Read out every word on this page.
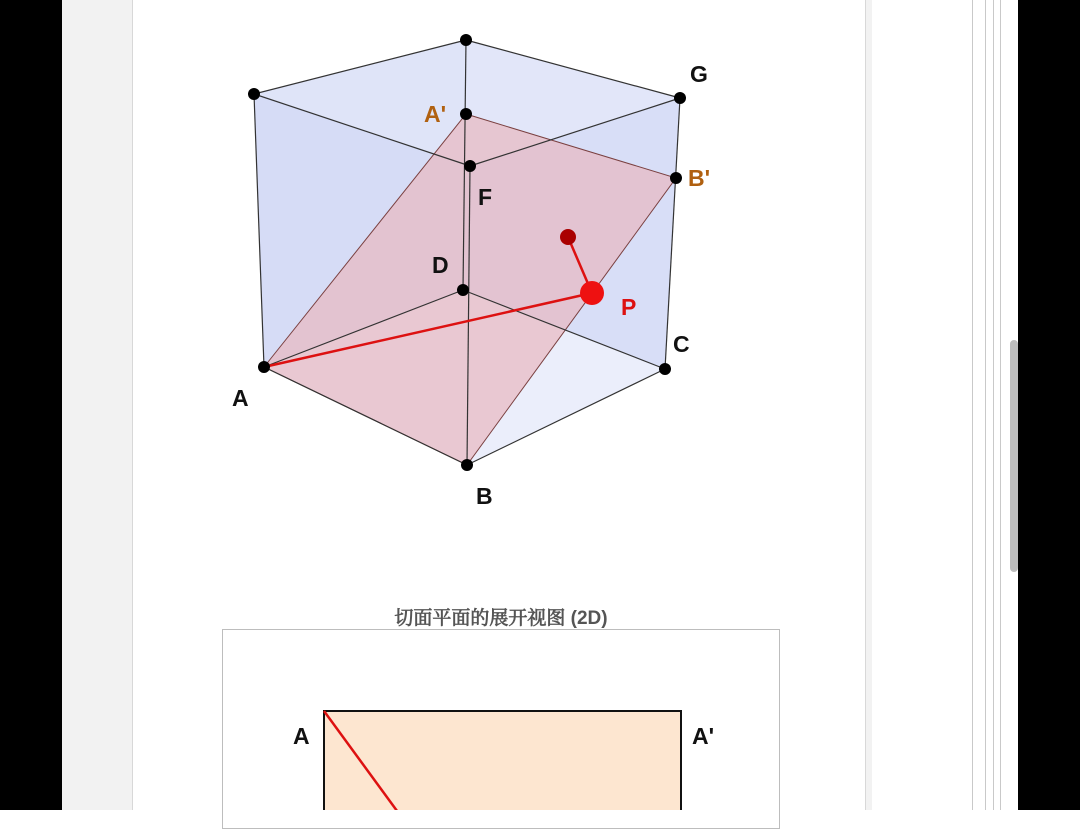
G
A'
B'
F
D
P
C
A
B
切面平面的展开视图 (2D)
A	A'
